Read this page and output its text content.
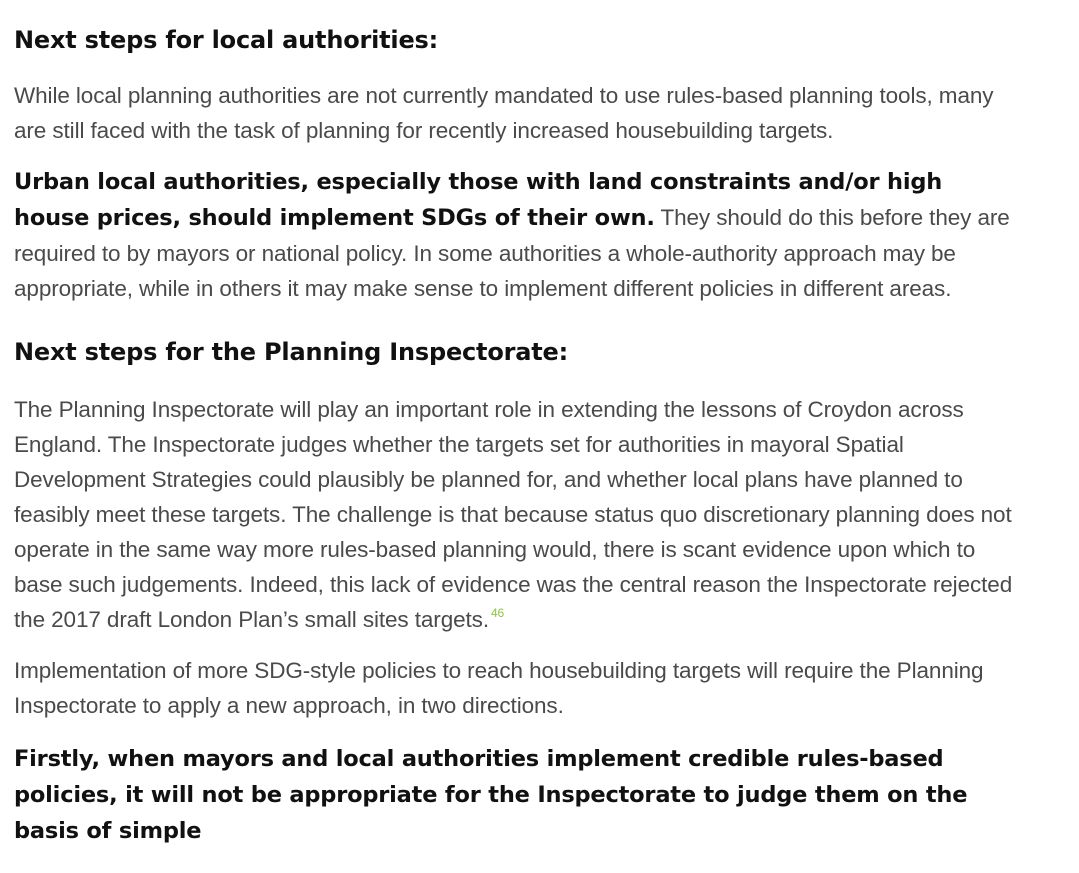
Next steps for local authorities:

While local planning authorities are not currently mandated to use rules-based planning tools, many are still faced with the task of planning for recently increased housebuilding targets.

Urban local authorities, especially those with land constraints and/or high house prices, should implement SDGs of their own. They should do this before they are required to by mayors or national policy. In some authorities a whole-authority approach may be appropriate, while in others it may make sense to implement different policies in different areas.

Next steps for the Planning Inspectorate:

The Planning Inspectorate will play an important role in extending the lessons of Croydon across England. The Inspectorate judges whether the targets set for authorities in mayoral Spatial Development Strategies could plausibly be planned for, and whether local plans have planned to feasibly meet these targets. The challenge is that because status quo discretionary planning does not operate in the same way more rules-based planning would, there is scant evidence upon which to base such judgements. Indeed, this lack of evidence was the central reason the Inspectorate rejected the 2017 draft London Plan’s small sites targets. $^{46}$

Implementation of more SDG-style policies to reach housebuilding targets will require the Planning Inspectorate to apply a new approach, in two directions.

Firstly, when mayors and local authorities implement credible rules-based policies, it will not be appropriate for the Inspectorate to judge them on the basis of simple
